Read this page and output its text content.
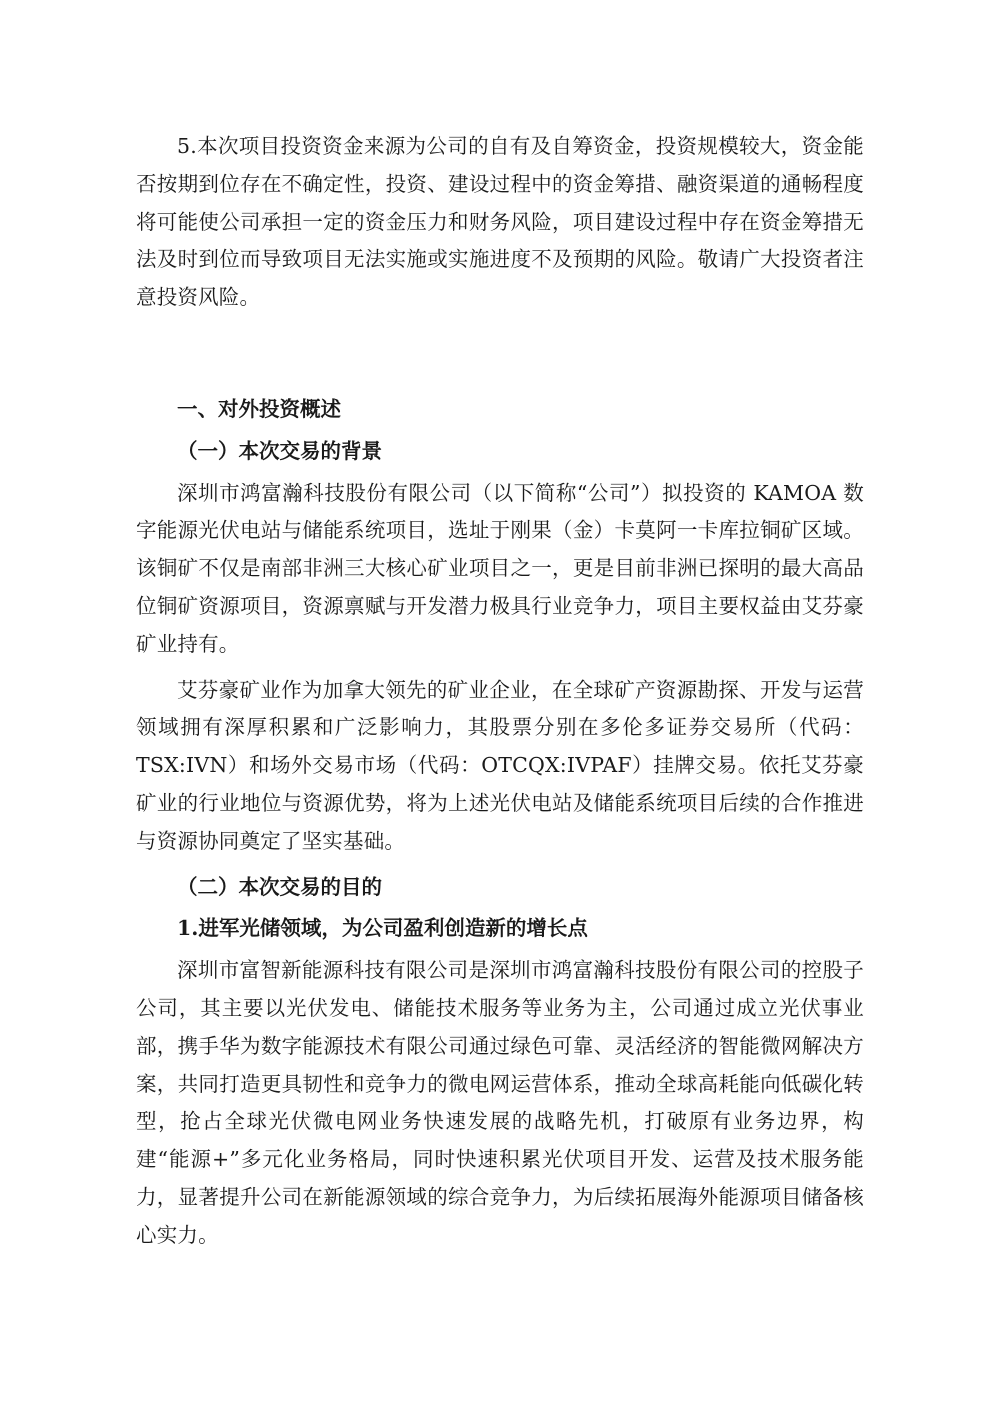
5.本次项目投资资金来源为公司的自有及自筹资金，投资规模较大，资金能否按期到位存在不确定性，投资、建设过程中的资金筹措、融资渠道的通畅程度将可能使公司承担一定的资金压力和财务风险，项目建设过程中存在资金筹措无法及时到位而导致项目无法实施或实施进度不及预期的风险。敬请广大投资者注意投资风险。

一、对外投资概述

（一）本次交易的背景

深圳市鸿富瀚科技股份有限公司（以下简称“公司”）拟投资的 KAMOA 数字能源光伏电站与储能系统项目，选址于刚果（金）卡莫阿一卡库拉铜矿区域。该铜矿不仅是南部非洲三大核心矿业项目之一，更是目前非洲已探明的最大高品位铜矿资源项目，资源禀赋与开发潜力极具行业竞争力，项目主要权益由艾芬豪矿业持有。

艾芬豪矿业作为加拿大领先的矿业企业，在全球矿产资源勘探、开发与运营领域拥有深厚积累和广泛影响力，其股票分别在多伦多证券交易所（代码：TSX:IVN）和场外交易市场（代码：OTCQX:IVPAF）挂牌交易。依托艾芬豪矿业的行业地位与资源优势，将为上述光伏电站及储能系统项目后续的合作推进与资源协同奠定了坚实基础。

（二）本次交易的目的

1.进军光储领域，为公司盈利创造新的增长点

深圳市富智新能源科技有限公司是深圳市鸿富瀚科技股份有限公司的控股子公司，其主要以光伏发电、储能技术服务等业务为主，公司通过成立光伏事业部，携手华为数字能源技术有限公司通过绿色可靠、灵活经济的智能微网解决方案，共同打造更具韧性和竞争力的微电网运营体系，推动全球高耗能向低碳化转型，抢占全球光伏微电网业务快速发展的战略先机，打破原有业务边界，构建“能源+”多元化业务格局，同时快速积累光伏项目开发、运营及技术服务能力，显著提升公司在新能源领域的综合竞争力，为后续拓展海外能源项目储备核心实力。
